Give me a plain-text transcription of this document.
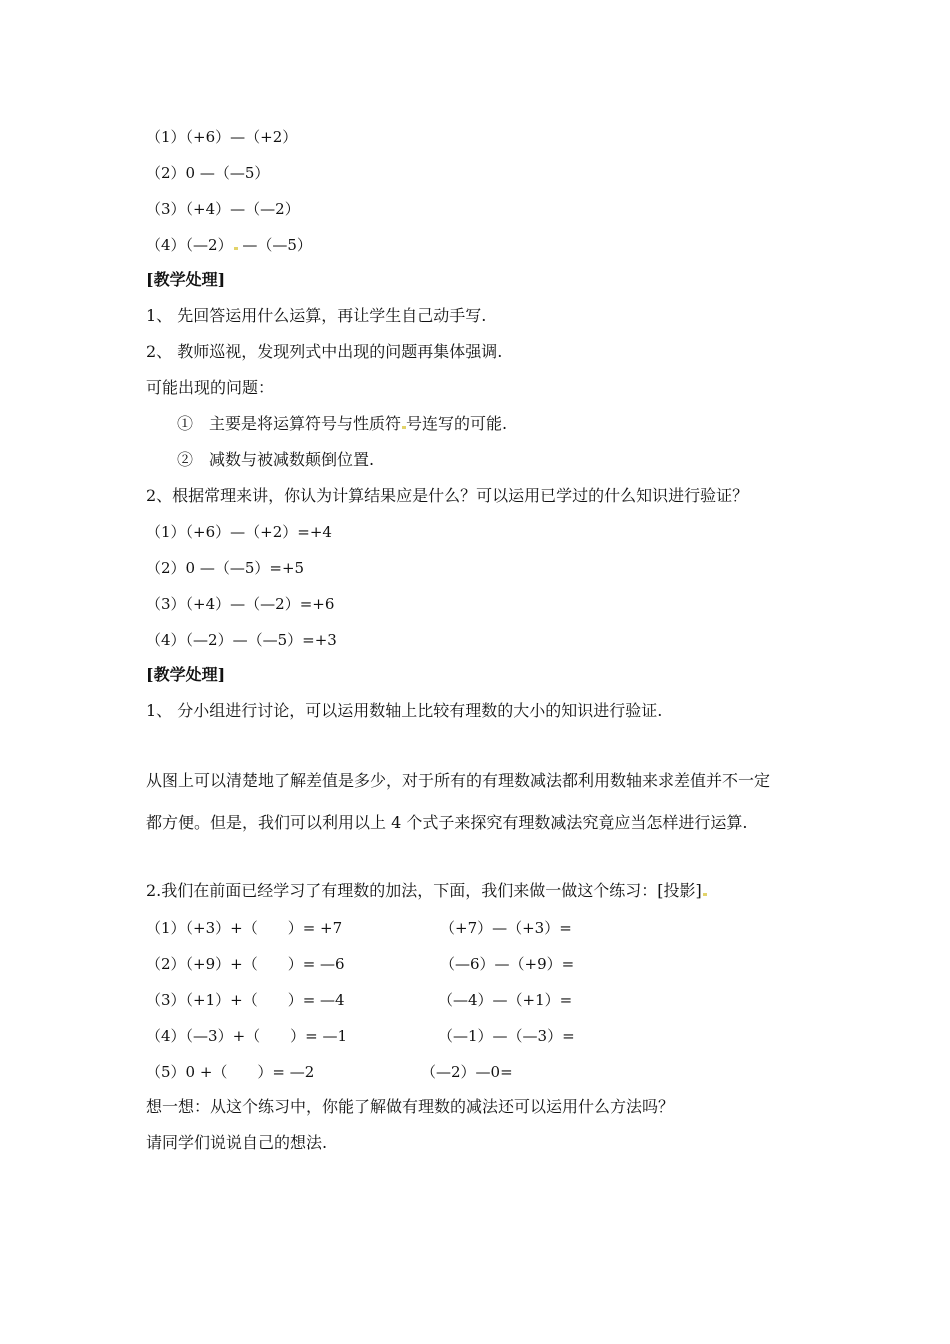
（1）（+6）—（+2）
（2）0 —（—5）
（3）（+4）—（—2）
（4）（—2） —（—5）
[教学处理]
1、 先回答运用什么运算，再让学生自己动手写.
2、 教师巡视，发现列式中出现的问题再集体强调.
可能出现的问题：
①　主要是将运算符号与性质符 号连写的可能.
②　减数与被减数颠倒位置.
2、根据常理来讲，你认为计算结果应是什么？可以运用已学过的什么知识进行验证？
（1）（+6）—（+2）=+4
（2）0 —（—5）=+5
（3）（+4）—（—2）=+6
（4）（—2）—（—5）=+3
[教学处理]
1、 分小组进行讨论，可以运用数轴上比较有理数的大小的知识进行验证.
从图上可以清楚地了解差值是多少，对于所有的有理数减法都利用数轴来求差值并不一定
都方便。但是，我们可以利用以上 4 个式子来探究有理数减法究竟应当怎样进行运算.
2.我们在前面已经学习了有理数的加法，下面，我们来做一做这个练习：[投影]
（1）（+3）+（　　）= +7	（+7）—（+3）=
（2）（+9）+（　　）= —6	（—6）—（+9）=
（3）（+1）+（　　）= —4	（—4）—（+1）=
（4）（—3）+（　　）= —1	（—1）—（—3）=
（5）0 +（　　）= —2	（—2）—0=
想一想：从这个练习中，你能了解做有理数的减法还可以运用什么方法吗？
请同学们说说自己的想法.
